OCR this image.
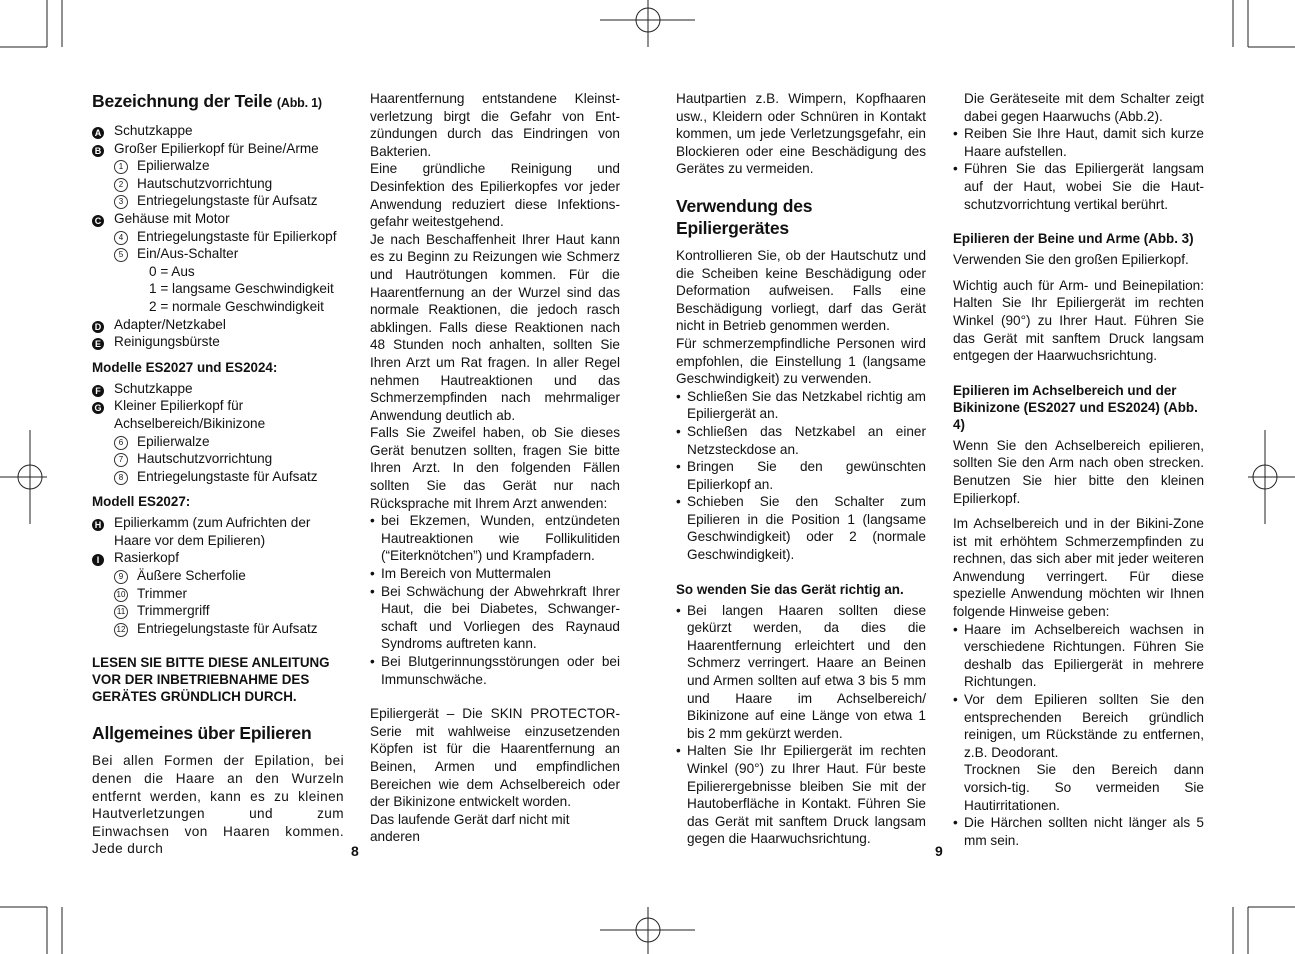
Bezeichnung der Teile (Abb. 1)
A Schutzkappe
B Großer Epilierkopf für Beine/Arme
1	Epilierwalze
2	Hautschutzvorrichtung
3	Entriegelungstaste für Aufsatz
C Gehäuse mit Motor
4	Entriegelungstaste für Epilierkopf
5	Ein/Aus-Schalter
0 = Aus
1 = langsame Geschwindigkeit
2 = normale Geschwindigkeit
D Adapter/Netzkabel
E Reinigungsbürste
Modelle ES2027 und ES2024:
F Schutzkappe
G Kleiner Epilierkopf für Achselbereich/Bikinizone
6	Epilierwalze
7	Hautschutzvorrichtung
8	Entriegelungstaste für Aufsatz
Modell ES2027:
H Epilierkamm (zum Aufrichten der Haare vor dem Epilieren)
I	Rasierkopf
9	Äußere Scherfolie
10 Trimmer
11 Trimmergriff
12 Entriegelungstaste für Aufsatz
LESEN SIE BITTE DIESE ANLEITUNG VOR DER INBETRIEBNAHME DES GERÄTES GRÜNDLICH DURCH.
Allgemeines über Epilieren

Bei allen Formen der Epilation, bei denen die Haare an den Wurzeln entfernt werden, kann es zu kleinen Hautverletzungen und zum Einwachsen von Haaren kommen. Jede durch

Haarentfernung entstandene Kleinst-verletzung birgt die Gefahr von Ent-zündungen durch das Eindringen von Bakterien.

Eine gründliche Reinigung und Desinfektion des Epilierkopfes vor jeder Anwendung reduziert diese Infektions-gefahr weitestgehend.

Je nach Beschaffenheit Ihrer Haut kann es zu Beginn zu Reizungen wie Schmerz und Hautrötungen kommen. Für die Haarentfernung an der Wurzel sind das normale Reaktionen, die jedoch rasch abklingen. Falls diese Reaktionen nach 48 Stunden noch anhalten, sollten Sie Ihren Arzt um Rat fragen. In aller Regel nehmen Hautreaktionen und das Schmerzempfinden nach mehrmaliger Anwendung deutlich ab.

Falls Sie Zweifel haben, ob Sie dieses Gerät benutzen sollten, fragen Sie bitte Ihren Arzt. In den folgenden Fällen sollten Sie das Gerät nur nach Rücksprache mit Ihrem Arzt anwenden:

• bei Ekzemen, Wunden, entzündeten Hautreaktionen wie Follikulitiden (“Eiterknötchen”) und Krampfadern.
• Im Bereich von Muttermalen
• Bei Schwächung der Abwehrkraft Ihrer Haut, die bei Diabetes, Schwanger-schaft und Vorliegen des Raynaud Syndroms auftreten kann.
• Bei Blutgerinnungsstörungen oder bei Immunschwäche.

Epiliergerät – Die SKIN PROTECTOR-Serie mit wahlweise einzusetzenden Köpfen ist für die Haarentfernung an Beinen, Armen und empfindlichen Bereichen wie dem Achselbereich oder der Bikinizone entwickelt worden.

Das laufende Gerät darf nicht mit anderen

Hautpartien z.B. Wimpern, Kopfhaaren usw., Kleidern oder Schnüren in Kontakt kommen, um jede Verletzungsgefahr, ein Blockieren oder eine Beschädigung des Gerätes zu vermeiden.

Verwendung des Epiliergerätes

Kontrollieren Sie, ob der Hautschutz und die Scheiben keine Beschädigung oder Deformation aufweisen. Falls eine Beschädigung vorliegt, darf das Gerät nicht in Betrieb genommen werden.

Für schmerzempfindliche Personen wird empfohlen, die Einstellung 1 (langsame Geschwindigkeit) zu verwenden.

• Schließen Sie das Netzkabel richtig am Epiliergerät an.
• Schließen das Netzkabel an einer Netzsteckdose an.
• Bringen Sie den gewünschten Epilierkopf an.
• Schieben Sie den Schalter zum Epilieren in die Position 1 (langsame Geschwindigkeit) oder 2 (normale Geschwindigkeit).
So wenden Sie das Gerät richtig an.
• Bei langen Haaren sollten diese gekürzt werden, da dies die Haarentfernung erleichtert und den Schmerz verringert. Haare an Beinen und Armen sollten auf etwa 3 bis 5 mm und Haare im Achselbereich/ Bikinizone auf eine Länge von etwa 1 bis 2 mm gekürzt werden.
• Halten Sie Ihr Epiliergerät im rechten Winkel (90°) zu Ihrer Haut. Für beste Epilierergebnisse bleiben Sie mit der Hautoberfläche in Kontakt. Führen Sie das Gerät mit sanftem Druck langsam gegen die Haarwuchsrichtung.

Die Geräteseite mit dem Schalter zeigt dabei gegen Haarwuchs (Abb.2).

• Reiben Sie Ihre Haut, damit sich kurze Haare aufstellen.
• Führen Sie das Epiliergerät langsam auf der Haut, wobei Sie die Haut-schutzvorrichtung vertikal berührt.
Epilieren der Beine und Arme (Abb. 3)

Verwenden Sie den großen Epilierkopf.

Wichtig auch für Arm- und Beinepilation: Halten Sie Ihr Epiliergerät im rechten Winkel (90°) zu Ihrer Haut. Führen Sie das Gerät mit sanftem Druck langsam entgegen der Haarwuchsrichtung.

Epilieren im Achselbereich und der Bikinizone (ES2027 und ES2024) (Abb. 4)

Wenn Sie den Achselbereich epilieren, sollten Sie den Arm nach oben strecken. Benutzen Sie hier bitte den kleinen Epilierkopf.

Im Achselbereich und in der Bikini-Zone ist mit erhöhtem Schmerzempfinden zu rechnen, das sich aber mit jeder weiteren Anwendung verringert. Für diese spezielle Anwendung möchten wir Ihnen folgende Hinweise geben:

• Haare im Achselbereich wachsen in verschiedene Richtungen. Führen Sie deshalb das Epiliergerät in mehrere Richtungen.
• Vor dem Epilieren sollten Sie den entsprechenden Bereich gründlich reinigen, um Rückstände zu entfernen, z.B. Deodorant.
Trocknen Sie den Bereich dann vorsich-tig. So vermeiden Sie Hautirritationen.
• Die Härchen sollten nicht länger als 5 mm sein.
8	9
